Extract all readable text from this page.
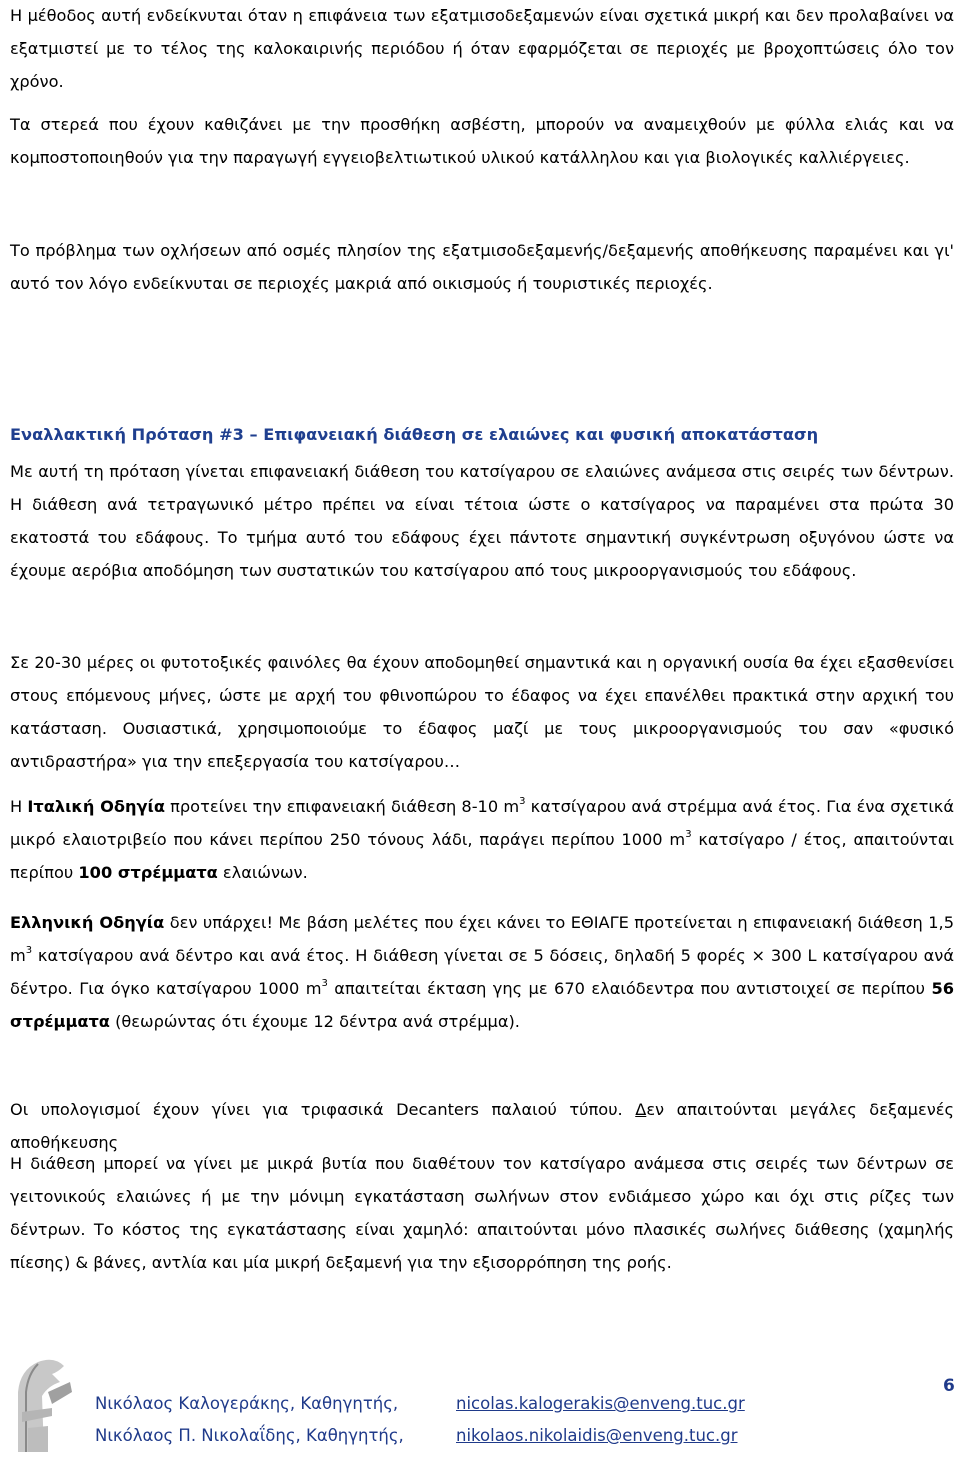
Η μέθοδος αυτή ενδείκνυται όταν η επιφάνεια των εξατμισοδεξαμενών είναι σχετικά μικρή και δεν προλαβαίνει να εξατμιστεί με το τέλος της καλοκαιρινής περιόδου ή όταν εφαρμόζεται σε περιοχές με βροχοπτώσεις όλο τον χρόνο.

Τα στερεά που έχουν καθιζάνει με την προσθήκη ασβέστη, μπορούν να αναμειχθούν με φύλλα ελιάς και να κομποστοποιηθούν για την παραγωγή εγγειοβελτιωτικού υλικού κατάλληλου και για βιολογικές καλλιέργειες.

Το πρόβλημα των οχλήσεων από οσμές πλησίον της εξατμισοδεξαμενής/δεξαμενής αποθήκευσης παραμένει και γι' αυτό τον λόγο ενδείκνυται σε περιοχές μακριά από οικισμούς ή τουριστικές περιοχές.

Εναλλακτική Πρόταση #3 – Επιφανειακή διάθεση σε ελαιώνες και φυσική αποκατάσταση

Με αυτή τη πρόταση γίνεται επιφανειακή διάθεση του κατσίγαρου σε ελαιώνες ανάμεσα στις σειρές των δέντρων. Η διάθεση ανά τετραγωνικό μέτρο πρέπει να είναι τέτοια ώστε ο κατσίγαρος να παραμένει στα πρώτα 30 εκατοστά του εδάφους. Το τμήμα αυτό του εδάφους έχει πάντοτε σημαντική συγκέντρωση οξυγόνου ώστε να έχουμε αερόβια αποδόμηση των συστατικών του κατσίγαρου από τους μικροοργανισμούς του εδάφους.

Σε 20-30 μέρες οι φυτοτοξικές φαινόλες θα έχουν αποδομηθεί σημαντικά και η οργανική ουσία θα έχει εξασθενίσει στους επόμενους μήνες, ώστε με αρχή του φθινοπώρου το έδαφος να έχει επανέλθει πρακτικά στην αρχική του κατάσταση. Ουσιαστικά, χρησιμοποιούμε το έδαφος μαζί με τους μικροοργανισμούς του σαν «φυσικό αντιδραστήρα» για την επεξεργασία του κατσίγαρου…

Η Ιταλική Οδηγία προτείνει την επιφανειακή διάθεση 8-10 $m^3$ κατσίγαρου ανά στρέμμα ανά έτος. Για ένα σχετικά μικρό ελαιοτριβείο που κάνει περίπου 250 τόνους λάδι, παράγει περίπου 1000 $m^3$ κατσίγαρο / έτος, απαιτούνται περίπου 100 στρέμματα ελαιώνων.

Ελληνική Οδηγία δεν υπάρχει! Με βάση μελέτες που έχει κάνει το ΕΘΙΑΓΕ προτείνεται η επιφανειακή διάθεση 1,5 $m^3$ κατσίγαρου ανά δέντρο και ανά έτος. Η διάθεση γίνεται σε 5 δόσεις, δηλαδή 5 φορές × 300 L κατσίγαρου ανά δέντρο. Για όγκο κατσίγαρου 1000 $m^3$ απαιτείται έκταση γης με 670 ελαιόδεντρα που αντιστοιχεί σε περίπου 56 στρέμματα (θεωρώντας ότι έχουμε 12 δέντρα ανά στρέμμα).

Οι υπολογισμοί έχουν γίνει για τριφασικά Decanters παλαιού τύπου. Δεν απαιτούνται μεγάλες δεξαμενές αποθήκευσης

Η διάθεση μπορεί να γίνει με μικρά βυτία που διαθέτουν τον κατσίγαρο ανάμεσα στις σειρές των δέντρων σε γειτονικούς ελαιώνες ή με την μόνιμη εγκατάσταση σωλήνων στον ενδιάμεσο χώρο και όχι στις ρίζες των δέντρων. Το κόστος της εγκατάστασης είναι χαμηλό: απαιτούνται μόνο πλασικές σωλήνες διάθεσης (χαμηλής πίεσης) & βάνες, αντλία και μία μικρή δεξαμενή για την εξισορρόπηση της ροής.

Νικόλαος Καλογεράκης, Καθηγητής,
Νικόλαος Π. Νικολαΐδης, Καθηγητής,
nicolas.kalogerakis@enveng.tuc.gr
nikolaos.nikolaidis@enveng.tuc.gr
6
